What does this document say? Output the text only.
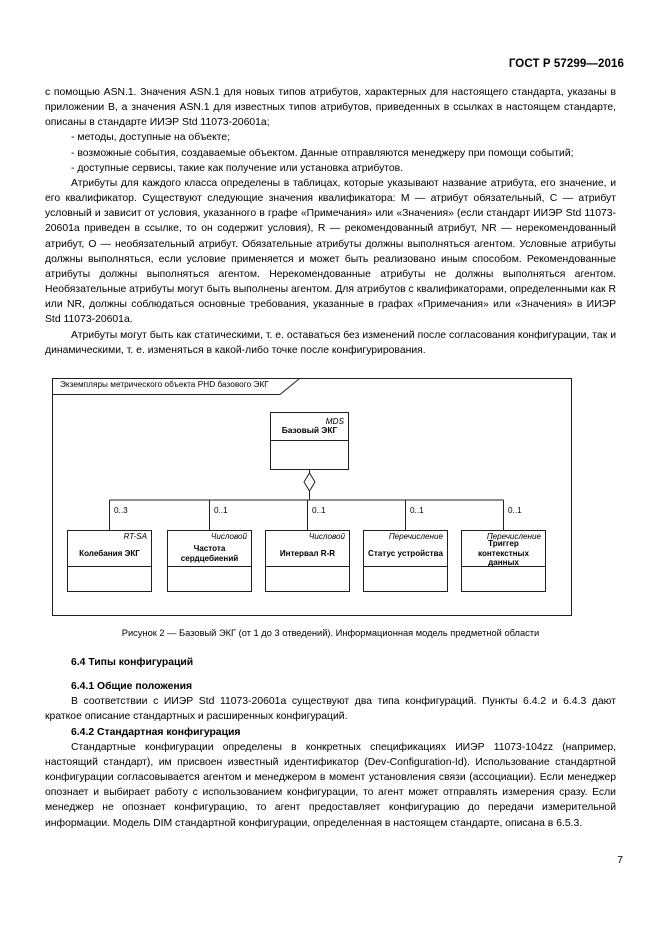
ГОСТ Р 57299—2016

с помощью ASN.1. Значения ASN.1 для новых типов атрибутов, характерных для настоящего стандарта, указаны в приложении В, а значения ASN.1 для известных типов атрибутов, приведенных в ссылках в настоящем стандарте, описаны в стандарте ИИЭР Std 11073-20601a;

- методы, доступные на объекте;

- возможные события, создаваемые объектом. Данные отправляются менеджеру при помощи событий;

- доступные сервисы, такие как получение или установка атрибутов.

Атрибуты для каждого класса определены в таблицах, которые указывают название атрибута, его значение, и его квалификатор. Существуют следующие значения квалификатора: M — атрибут обязательный, C — атрибут условный и зависит от условия, указанного в графе «Примечания» или «Значения» (если стандарт ИИЭР Std 11073-20601a приведен в ссылке, то он содержит условия), R — рекомендованный атрибут, NR — нерекомендованный атрибут, O — необязательный атрибут. Обязательные атрибуты должны выполняться агентом. Условные атрибуты должны выполняться, если условие применяется и может быть реализовано иным способом. Рекомендованные атрибуты должны выполняться агентом. Нерекомендованные атрибуты не должны выполняться агентом. Необязательные атрибуты могут быть выполнены агентом. Для атрибутов с квалификаторами, определенными как R или NR, должны соблюдаться основные требования, указанные в графах «Примечания» или «Значения» в ИИЭР Std 11073-20601a.

Атрибуты могут быть как статическими, т. е. оставаться без изменений после согласования конфигурации, так и динамическими, т. е. изменяться в какой-либо точке после конфигурирования.

Экземпляры метрического объекта PHD базового ЭКГ
MDS
Базовый ЭКГ
0..3	0..1	0..1	0..1	0..1
RT-SA
Колебания ЭКГ
Числовой
Частота сердцебиений
Числовой
Интервал R-R
Перечисление
Статус устройства
Перечисление
Триггер контекстных данных
Рисунок 2 — Базовый ЭКГ (от 1 до 3 отведений). Информационная модель предметной области

6.4 Типы конфигураций

6.4.1 Общие положения

В соответствии с ИИЭР Std 11073-20601a существуют два типа конфигураций. Пункты 6.4.2 и 6.4.3 дают краткое описание стандартных и расширенных конфигураций.

6.4.2 Стандартная конфигурация

Стандартные конфигурации определены в конкретных спецификациях ИИЭР 11073-104zz (например, настоящий стандарт), им присвоен известный идентификатор (Dev-Configuration-Id). Использование стандартной конфигурации согласовывается агентом и менеджером в момент установления связи (ассоциации). Если менеджер опознает и выбирает работу с использованием конфигурации, то агент может отправлять измерения сразу. Если менеджер не опознает конфигурацию, то агент предоставляет конфигурацию до передачи измерительной информации. Модель DIM стандартной конфигурации, определенная в настоящем стандарте, описана в 6.5.3.

7
